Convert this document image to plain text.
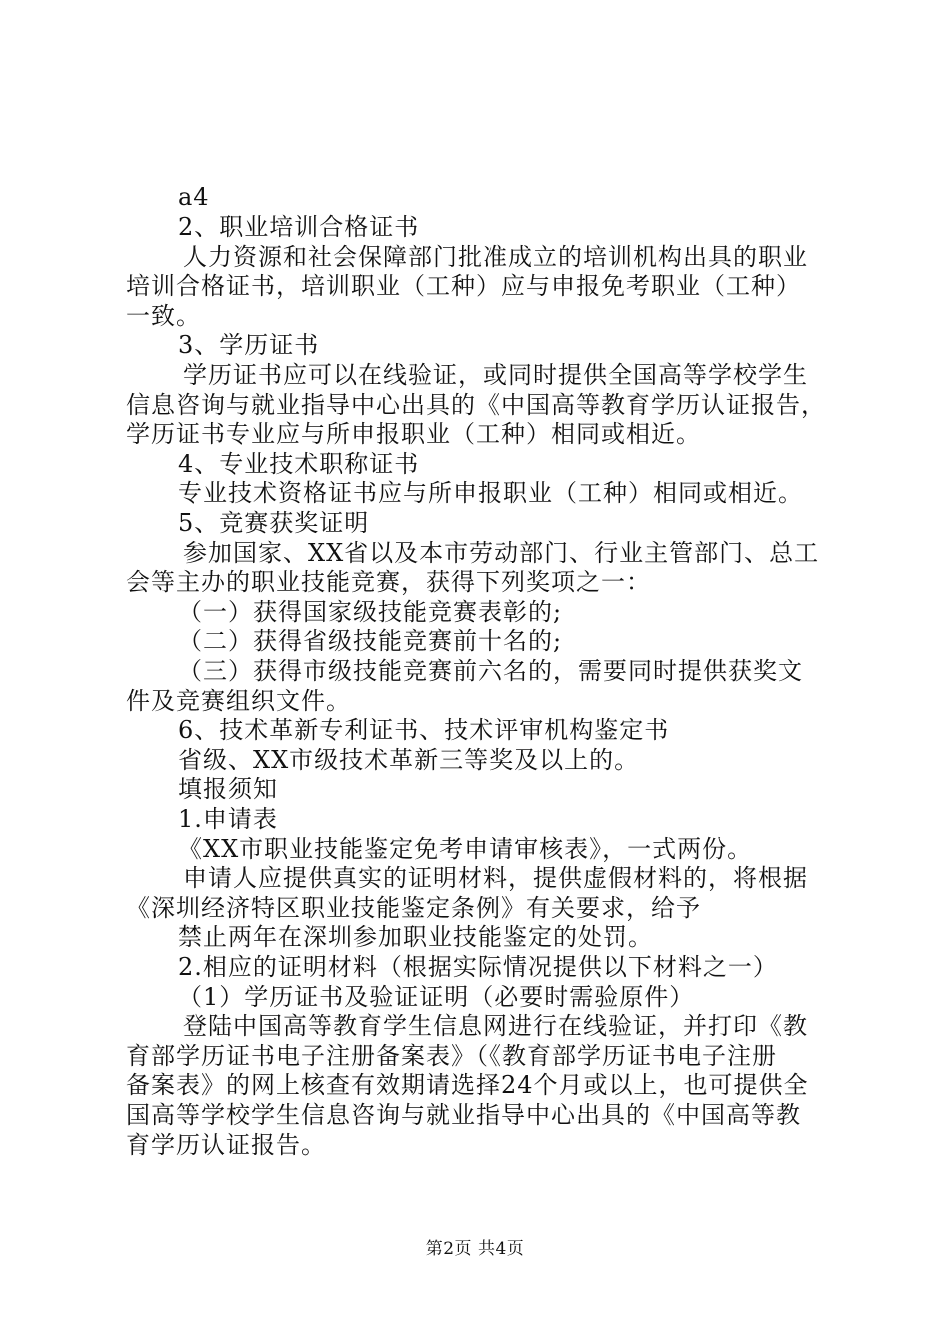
a4
2、职业培训合格证书
人力资源和社会保障部门批准成立的培训机构出具的职业
培训合格证书，培训职业（工种）应与申报免考职业（工种）
一致。
3、学历证书
学历证书应可以在线验证，或同时提供全国高等学校学生
信息咨询与就业指导中心出具的《中国高等教育学历认证报告，
学历证书专业应与所申报职业（工种）相同或相近。
4、专业技术职称证书
专业技术资格证书应与所申报职业（工种）相同或相近。
5、竞赛获奖证明
参加国家、XX省以及本市劳动部门、行业主管部门、总工
会等主办的职业技能竞赛，获得下列奖项之一：
（一）获得国家级技能竞赛表彰的;
（二）获得省级技能竞赛前十名的;
（三）获得市级技能竞赛前六名的，需要同时提供获奖文
件及竞赛组织文件。
6、技术革新专利证书、技术评审机构鉴定书
省级、XX市级技术革新三等奖及以上的。
填报须知
1.申请表
《XX市职业技能鉴定免考申请审核表》，一式两份。
申请人应提供真实的证明材料，提供虚假材料的，将根据
《深圳经济特区职业技能鉴定条例》有关要求，给予
禁止两年在深圳参加职业技能鉴定的处罚。
2.相应的证明材料（根据实际情况提供以下材料之一）
（1）学历证书及验证证明（必要时需验原件）
登陆中国高等教育学生信息网进行在线验证，并打印《教
育部学历证书电子注册备案表》（《教育部学历证书电子注册
备案表》的网上核查有效期请选择24个月或以上，也可提供全
国高等学校学生信息咨询与就业指导中心出具的《中国高等教
育学历认证报告。
第2页 共4页
